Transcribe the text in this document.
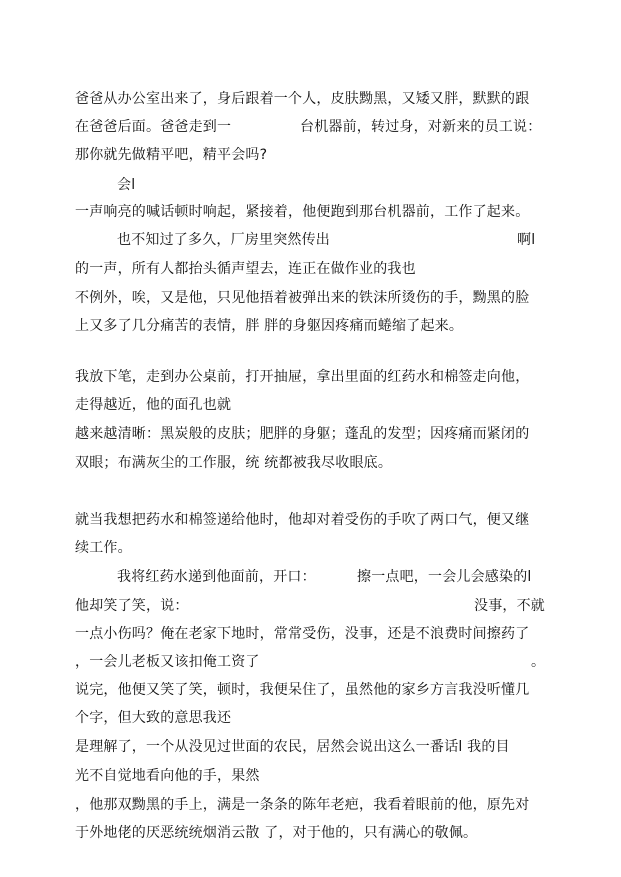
爸爸从办公室出来了，身后跟着一个人，皮肤黝黑，又矮又胖，默默的跟
在爸爸后面。爸爸走到一	台机器前，转过身，对新来的员工说：
那你就先做精平吧，精平会吗?
会l
一声响亮的喊话顿时响起，紧接着，他便跑到那台机器前，工作了起来。
也不知过了多久，厂房里突然传出	啊l
的一声，所有人都抬头循声望去，连正在做作业的我也
不例外，唉，又是他，只见他捂着被弹出来的铁沫所烫伤的手，黝黑的脸
上又多了几分痛苦的表情，胖 胖的身躯因疼痛而蜷缩了起来。
我放下笔，走到办公桌前，打开抽屉，拿出里面的红药水和棉签走向他，
走得越近，他的面孔也就
越来越清晰：黑炭般的皮肤；肥胖的身躯；蓬乱的发型；因疼痛而紧闭的
双眼；布满灰尘的工作服，统 统都被我尽收眼底。
就当我想把药水和棉签递给他时，他却对着受伤的手吹了两口气，便又继
续工作。
我将红药水递到他面前，开口：	擦一点吧，一会儿会感染的l
他却笑了笑，说：	没事，不就
一点小伤吗？俺在老家下地时，常常受伤，没事，还是不浪费时间擦药了
，一会儿老板又该扣俺工资了	。
说完，他便又笑了笑，顿时，我便呆住了，虽然他的家乡方言我没听懂几
个字，但大致的意思我还
是理解了，一个从没见过世面的农民，居然会说出这么一番话l 我的目
光不自觉地看向他的手，果然
，他那双黝黑的手上，满是一条条的陈年老疤，我看着眼前的他，原先对
于外地佬的厌恶统统烟消云散 了，对于他的，只有满心的敬佩。
